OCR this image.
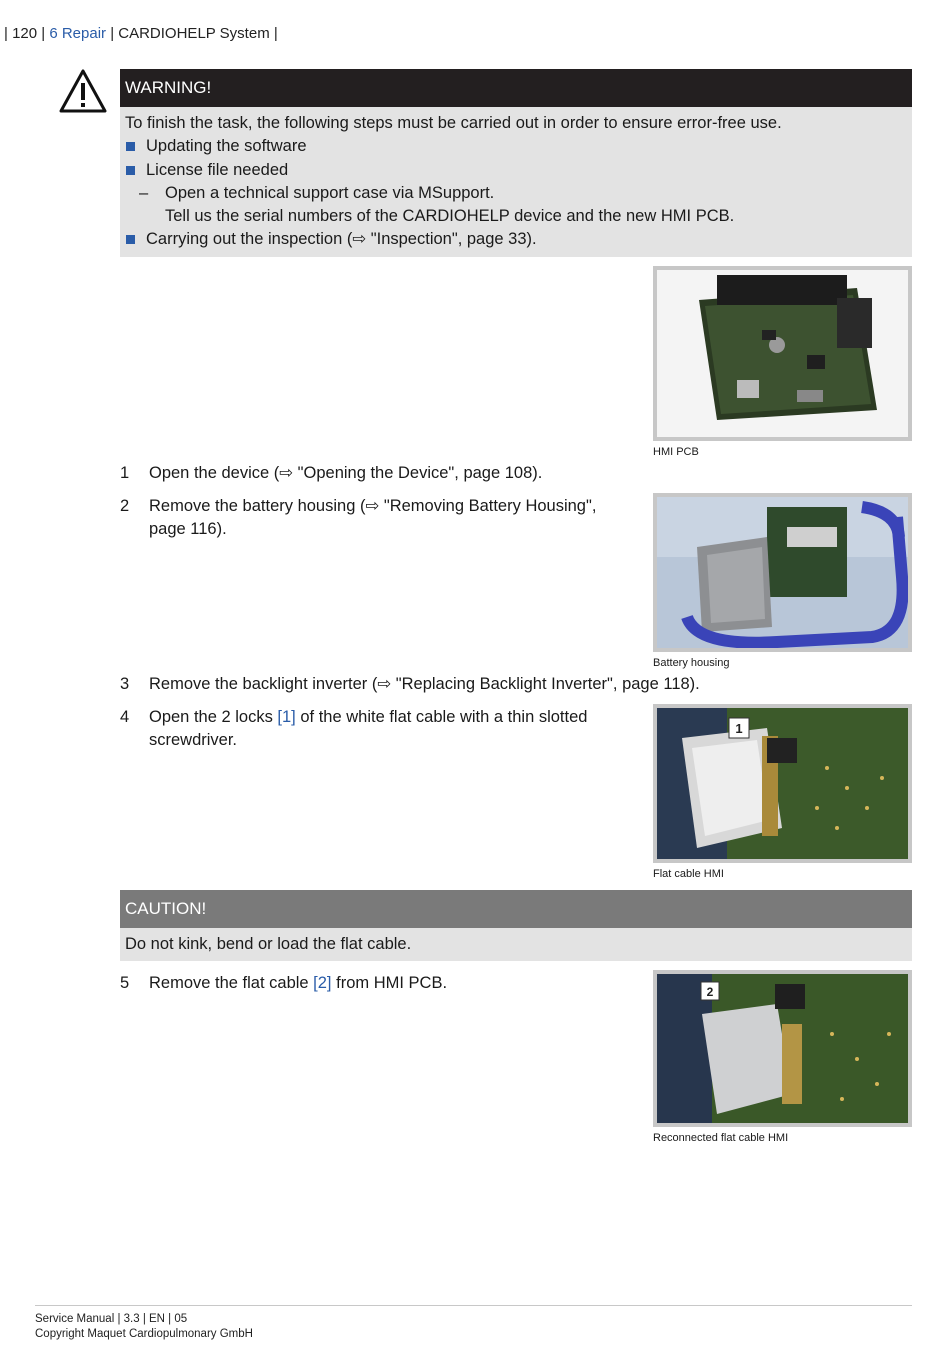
| 120 | 6 Repair | CARDIOHELP System |
WARNING!
To finish the task, the following steps must be carried out in order to ensure error-free use.
Updating the software
License file needed
– Open a technical support case via MSupport.
Tell us the serial numbers of the CARDIOHELP device and the new HMI PCB.
Carrying out the inspection (⇨ "Inspection", page 33).
HMI PCB
1 Open the device (⇨ "Opening the Device", page 108).
2 Remove the battery housing (⇨ "Removing Battery Housing", page 116).
Battery housing
3 Remove the backlight inverter (⇨ "Replacing Backlight Inverter", page 118).
4 Open the 2 locks [1] of the white flat cable with a thin slotted screwdriver.
1
Flat cable HMI
CAUTION!
Do not kink, bend or load the flat cable.
5 Remove the flat cable [2] from HMI PCB.	2
Reconnected flat cable HMI
Service Manual | 3.3 | EN | 05
Copyright Maquet Cardiopulmonary GmbH
